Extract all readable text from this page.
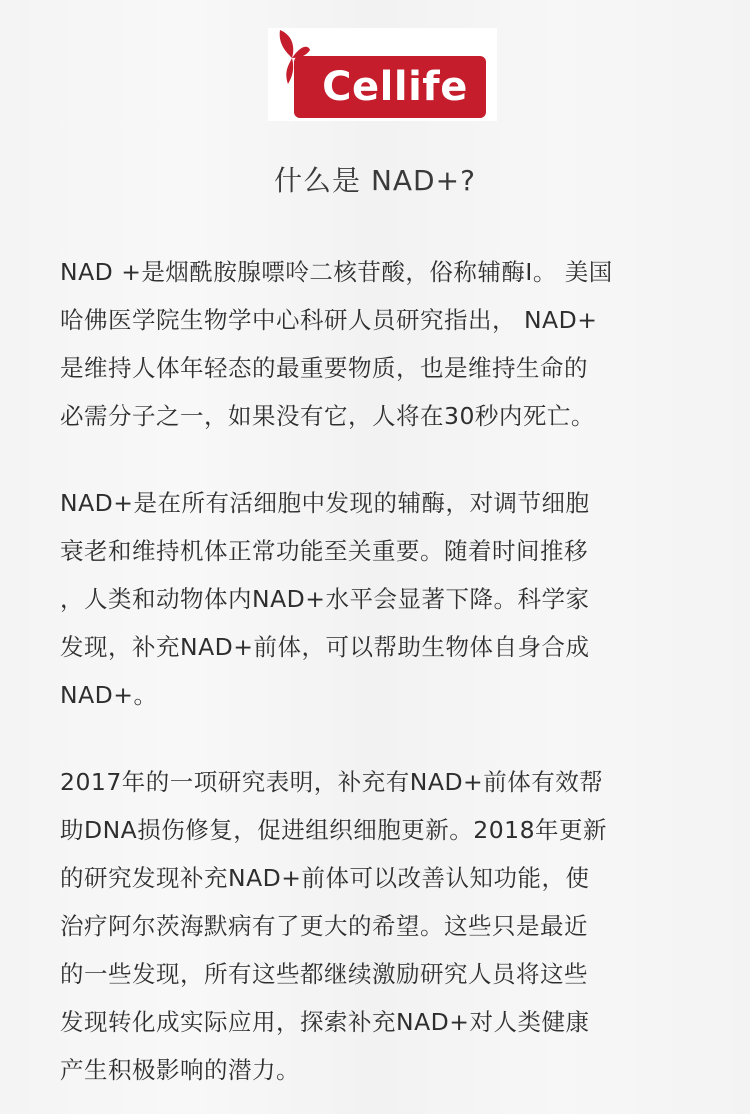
Cellife
什么是 NAD+?
NAD +是烟酰胺腺嘌呤二核苷酸，俗称辅酶I。 美国
哈佛医学院生物学中心科研人员研究指出， NAD+
是维持人体年轻态的最重要物质，也是维持生命的
必需分子之一，如果没有它，人将在30秒内死亡。
NAD+是在所有活细胞中发现的辅酶，对调节细胞
衰老和维持机体正常功能至关重要。随着时间推移
，人类和动物体内NAD+水平会显著下降。科学家
发现，补充NAD+前体，可以帮助生物体自身合成
NAD+。
2017年的一项研究表明，补充有NAD+前体有效帮
助DNA损伤修复，促进组织细胞更新。2018年更新
的研究发现补充NAD+前体可以改善认知功能，使
治疗阿尔茨海默病有了更大的希望。这些只是最近
的一些发现，所有这些都继续激励研究人员将这些
发现转化成实际应用，探索补充NAD+对人类健康
产生积极影响的潜力。
